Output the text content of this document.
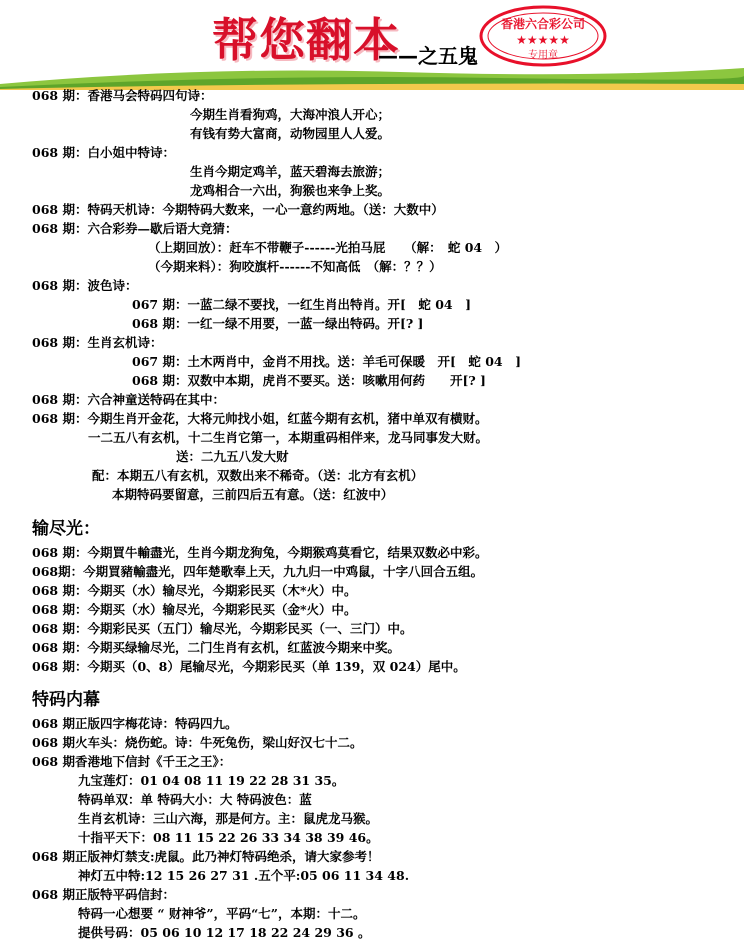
帮您翻本
——之五鬼
香港六合彩公司
★★★★★
专用章
068 期：香港马会特码四句诗：
今期生肖看狗鸡，大海冲浪人开心；
有钱有势大富商，动物园里人人爱。
068 期：白小姐中特诗：
生肖今期定鸡羊，蓝天碧海去旅游；
龙鸡相合一六出，狗猴也来争上奖。
068 期：特码天机诗：今期特码大数来，一心一意约两地。（送：大数中）
068 期：六合彩券—歇后语大竞猜：
（上期回放）：赶车不带鞭子------光拍马屁　　（解：　蛇 04　）
（今期来料）：狗咬旗杆------不知高低　（解：？？）
068 期：波色诗：
067 期：一蓝二绿不要找，一红生肖出特肖。开[　蛇 04　]
068 期：一红一绿不用要，一蓝一绿出特码。开[? ]
068 期：生肖玄机诗：
067 期：土木两肖中，金肖不用找。送：羊毛可保暖　开[　蛇 04　]
068 期：双数中本期，虎肖不要买。送：咳嗽用何药　　开[? ]
068 期：六合神童送特码在其中：
068 期：今期生肖开金花，大将元帅找小姐，红蓝今期有玄机，猪中单双有横财。
一二五八有玄机，十二生肖它第一，本期重码相伴来，龙马同事发大财。
送：二九五八发大财
配：本期五八有玄机，双数出来不稀奇。（送：北方有玄机）
本期特码要留意，三前四后五有意。（送：红波中）
输尽光：
068 期：今期買牛輸盡光，生肖今期龙狗兔，今期猴鸡莫看它，结果双数必中彩。
068期：今期買豬輸盡光，四年楚歌奉上天，九九归一中鸡鼠，十字八回合五组。
068 期：今期买（水）输尽光，今期彩民买（木*火）中。
068 期：今期买（水）输尽光，今期彩民买（金*火）中。
068 期：今期彩民买（五门）输尽光，今期彩民买（一、三门）中。
068 期：今期买绿输尽光，二门生肖有玄机，红蓝波今期来中奖。
068 期：今期买（0、8）尾输尽光，今期彩民买（单 139，双 024）尾中。
特码内幕
068 期正版四字梅花诗：特码四九。
068 期火车头：烧伤蛇。诗：牛死兔伤，梁山好汉七十二。
068 期香港地下信封《千王之王》：
九宝莲灯：01 04 08 11 19 22 28 31 35。
特码单双：单 特码大小：大 特码波色：蓝
生肖玄机诗：三山六海，那是何方。主：鼠虎龙马猴。
十指平天下：08 11 15 22 26 33 34 38 39 46。
068 期正版神灯禁支:虎鼠。此乃神灯特码绝杀，请大家参考！
神灯五中特:12 15 26 27 31 .五个平:05 06 11 34 48.
068 期正版特平码信封：
特码一心想要 “ 财神爷”，平码“七”，本期：十二。
提供号码：05 06 10 12 17 18 22 24 29 36 。
